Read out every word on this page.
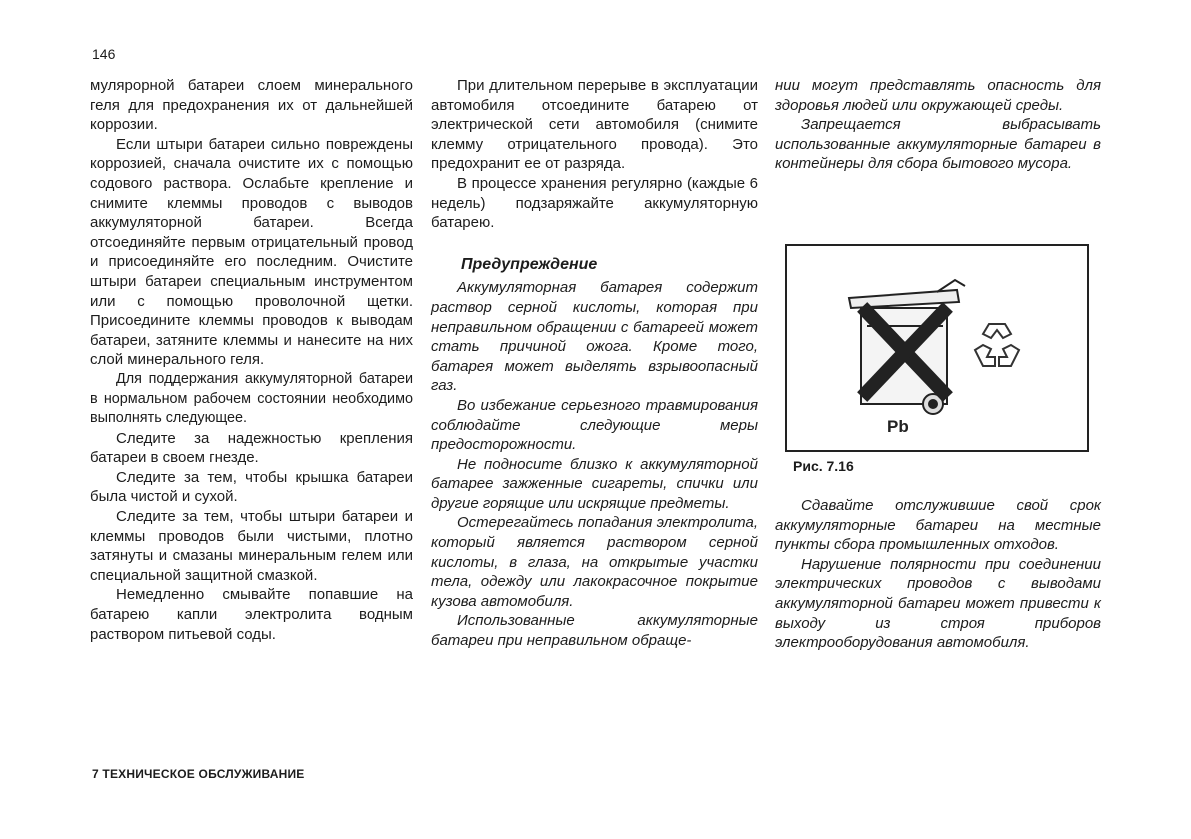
146

мулярорной батареи слоем минерального геля для предохранения их от дальнейшей коррозии.

Если штыри батареи сильно повреждены коррозией, сначала очистите их с помощью содового раствора. Ослабьте крепление и снимите клеммы проводов с выводов аккумуляторной батареи. Всегда отсоединяйте первым отрицательный провод и присоединяйте его последним. Очистите штыри батареи специальным инструментом или с помощью проволочной щетки. Присоедините клеммы проводов к выводам батареи, затяните клеммы и нанесите на них слой минерального геля.

Для поддержания аккумуляторной батареи в нормальном рабочем состоянии необходимо выполнять следующее.

Следите за надежностью крепления батареи в своем гнезде.

Следите за тем, чтобы крышка батареи была чистой и сухой.

Следите за тем, чтобы штыри батареи и клеммы проводов были чистыми, плотно затянуты и смазаны минеральным гелем или специальной защитной смазкой.

Немедленно смывайте попавшие на батарею капли электролита водным раствором питьевой соды.

При длительном перерыве в эксплуатации автомобиля отсоедините батарею от электрической сети автомобиля (снимите клемму отрицательного провода). Это предохранит ее от разряда.

В процессе хранения регулярно (каждые 6 недель) подзаряжайте аккумуляторную батарею.

Предупреждение

Аккумуляторная батарея содержит раствор серной кислоты, которая при неправильном обращении с батареей может стать причиной ожога. Кроме того, батарея может выделять взрывоопасный газ.

Во избежание серьезного травмирования соблюдайте следующие меры предосторожности.

Не подносите близко к аккумуляторной батарее зажженные сигареты, спички или другие горящие или искрящие предметы.

Остерегайтесь попадания электролита, который является раствором серной кислоты, в глаза, на открытые участки тела, одежду или лакокрасочное покрытие кузова автомобиля.

Использованные аккумуляторные батареи при неправильном обраще-

нии могут представлять опасность для здоровья людей или окружающей среды.

Запрещается выбрасывать использованные аккумуляторные батареи в контейнеры для сбора бытового мусора.

Pb
Рис. 7.16

Сдавайте отслужившие свой срок аккумуляторные батареи на местные пункты сбора промышленных отходов.

Нарушение полярности при соединении электрических проводов с выводами аккумуляторной батареи может привести к выходу из строя приборов электрооборудования автомобиля.

7 ТЕХНИЧЕСКОЕ ОБСЛУЖИВАНИЕ
